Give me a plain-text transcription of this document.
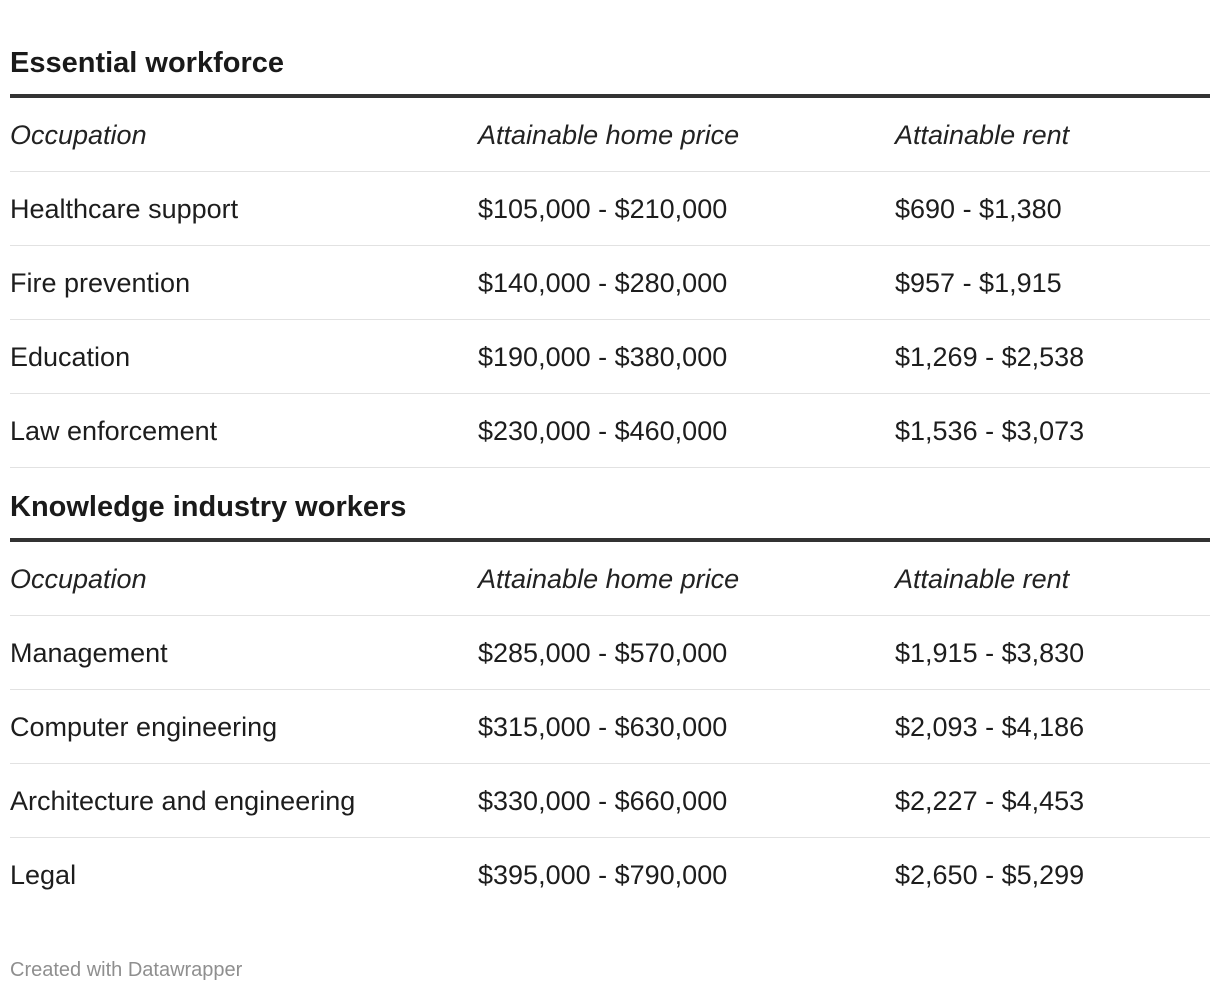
Essential workforce
Occupation	Attainable home price	Attainable rent
Healthcare support	$105,000 - $210,000	$690 - $1,380
Fire prevention	$140,000 - $280,000	$957 - $1,915
Education	$190,000 - $380,000	$1,269 - $2,538
Law enforcement	$230,000 - $460,000	$1,536 - $3,073
Knowledge industry workers
Occupation	Attainable home price	Attainable rent
Management	$285,000 - $570,000	$1,915 - $3,830
Computer engineering	$315,000 - $630,000	$2,093 - $4,186
Architecture and engineering	$330,000 - $660,000	$2,227 - $4,453
Legal	$395,000 - $790,000	$2,650 - $5,299
Created with Datawrapper
